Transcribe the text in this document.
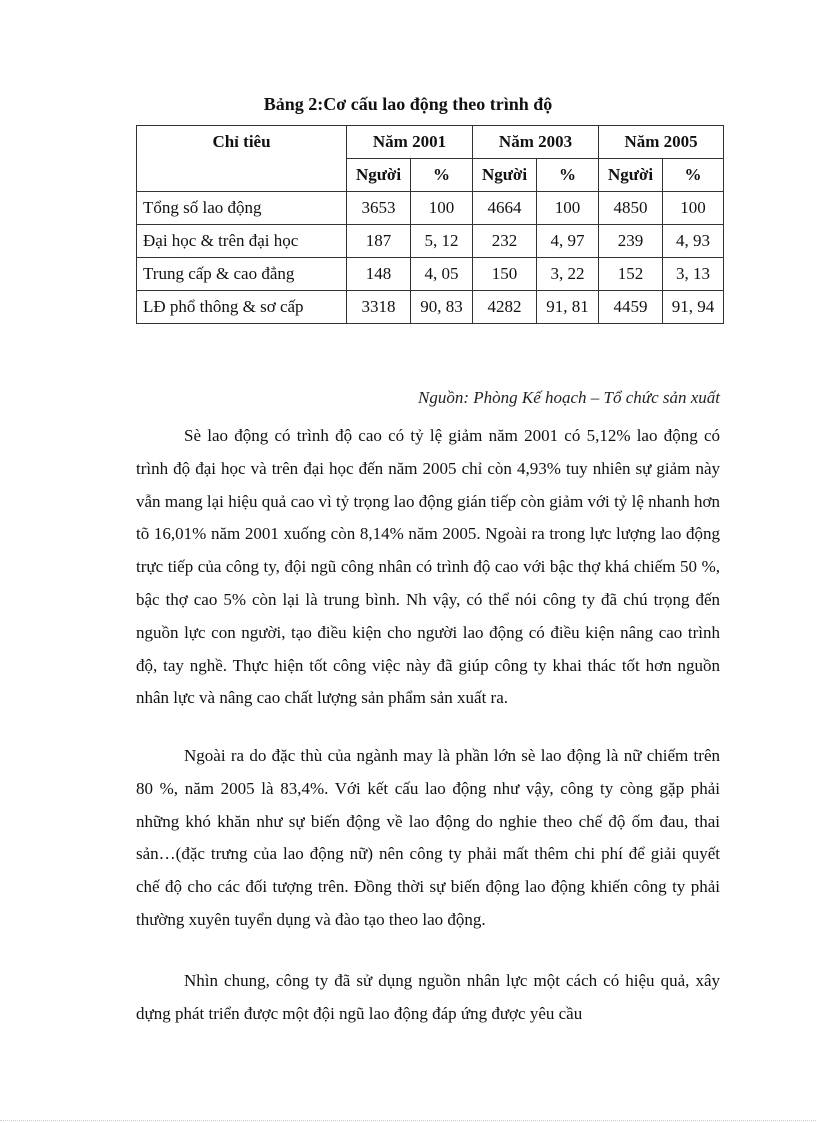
Bảng 2:Cơ cấu lao động theo trình độ
Chỉ tiêu	Năm 2001		Năm 2003		Năm 2005	
	Người	%	Người	%	Người	%
Tổng số lao động	3653	100	4664	100	4850	100
Đại học & trên đại học	187	5, 12	232	4, 97	239	4, 93
Trung cấp & cao đẳng	148	4, 05	150	3, 22	152	3, 13
LĐ phổ thông & sơ cấp	3318	90, 83	4282	91, 81	4459	91, 94
Nguồn: Phòng Kế hoạch – Tổ chức sản xuất

Sè lao động có trình độ cao có tỷ lệ giảm năm 2001 có 5,12% lao động có trình độ đại học và trên đại học đến năm 2005 chỉ còn 4,93% tuy nhiên sự giảm này vẫn mang lại hiệu quả cao vì tỷ trọng lao động gián tiếp còn giảm với tỷ lệ nhanh hơn tõ 16,01% năm 2001 xuống còn 8,14% năm 2005. Ngoài ra trong lực lượng lao động trực tiếp của công ty, đội ngũ công nhân có trình độ cao với bậc thợ khá chiếm 50 %, bậc thợ cao 5% còn lại là trung bình. Nh vậy, có thể nói công ty đã chú trọng đến nguồn lực con người, tạo điều kiện cho người lao động có điều kiện nâng cao trình độ, tay nghề. Thực hiện tốt công việc này đã giúp công ty khai thác tốt hơn nguồn nhân lực và nâng cao chất lượng sản phẩm sản xuất ra.

Ngoài ra do đặc thù của ngành may là phần lớn sè lao động là nữ chiếm trên 80 %, năm 2005 là 83,4%. Với kết cấu lao động như vậy, công ty còng gặp phải những khó khăn như sự biến động về lao động do nghie theo chế độ ốm đau, thai sản…(đặc trưng của lao động nữ) nên công ty phải mất thêm chi phí để giải quyết chế độ cho các đối tượng trên. Đồng thời sự biến động lao động khiến công ty phải thường xuyên tuyển dụng và đào tạo theo lao động.

Nhìn chung, công ty đã sử dụng nguồn nhân lực một cách có hiệu quả, xây dựng phát triển được một đội ngũ lao động đáp ứng được yêu cầu
